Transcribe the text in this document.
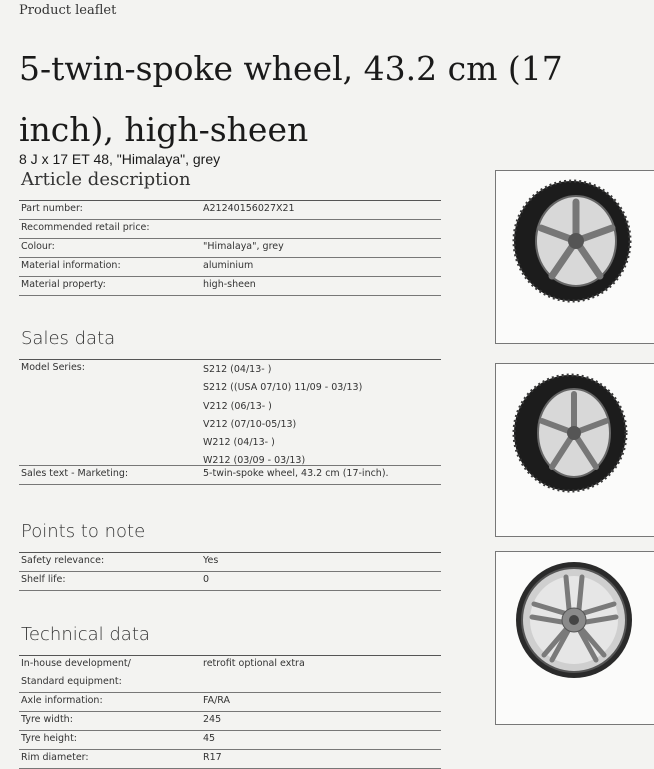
Product leaflet
5-twin-spoke wheel, 43.2 cm (17 inch), high-sheen
8 J x 17 ET 48, "Himalaya", grey
Article description
Part number:	A21240156027X21
Recommended retail price:
Colour:	"Himalaya", grey
Material information:	aluminium
Material property:	high-sheen
Sales data
Model Series:	S212 (04/13- )
S212 ((USA 07/10) 11/09 - 03/13)
V212 (06/13- )
V212 (07/10-05/13)
W212 (04/13- )
W212 (03/09 - 03/13)
Sales text - Marketing:	5-twin-spoke wheel, 43.2 cm (17-inch).
Points to note
Safety relevance:	Yes
Shelf life:	0
Technical data
In-house development/	retrofit optional extra
Standard equipment:
Axle information:	FA/RA
Tyre width:	245
Tyre height:	45
Rim diameter:	R17
